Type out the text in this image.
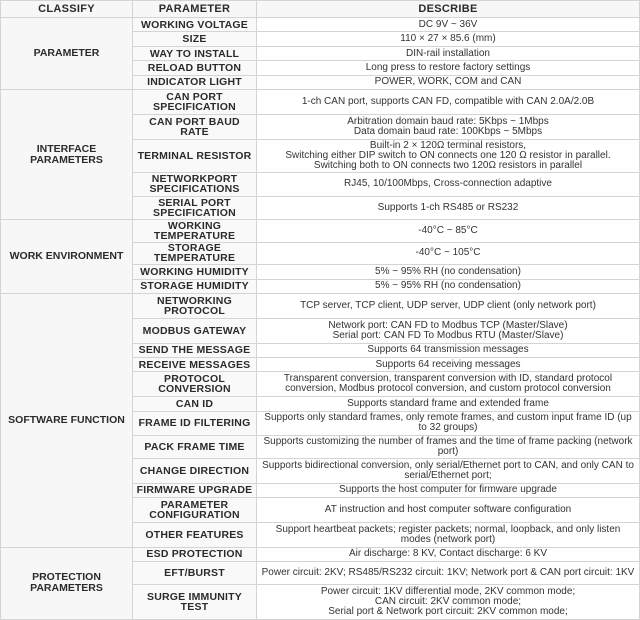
CLASSIFY	PARAMETER	DESCRIBE
PARAMETER	WORKING VOLTAGE	DC 9V ~ 36V
	SIZE	110 × 27 × 85.6 (mm)
	WAY TO INSTALL	DIN-rail installation
	RELOAD BUTTON	Long press to restore factory settings
	INDICATOR LIGHT	POWER, WORK, COM and CAN
INTERFACE PARAMETERS	CAN PORT SPECIFICATION	1-ch CAN port, supports CAN FD, compatible with CAN 2.0A/2.0B
	CAN PORT BAUD RATE	Arbitration domain baud rate: 5Kbps ~ 1Mbps
Data domain baud rate: 100Kbps ~ 5Mbps
	TERMINAL RESISTOR	Built-in 2 × 120Ω terminal resistors,
Switching either DIP switch to ON connects one 120 Ω resistor in parallel.
Switching both to ON connects two 120Ω resistors in parallel
	NETWORKPORT SPECIFICATIONS	RJ45, 10/100Mbps, Cross-connection adaptive
	SERIAL PORT SPECIFICATION	Supports 1-ch RS485 or RS232
WORK ENVIRONMENT	WORKING TEMPERATURE	-40°C ~ 85°C
	STORAGE TEMPERATURE	-40°C ~ 105°C
	WORKING HUMIDITY	5% ~ 95% RH (no condensation)
	STORAGE HUMIDITY	5% ~ 95% RH (no condensation)
SOFTWARE FUNCTION	NETWORKING PROTOCOL	TCP server, TCP client, UDP server, UDP client (only network port)
	MODBUS GATEWAY	Network port: CAN FD to Modbus TCP (Master/Slave)
Serial port: CAN FD To Modbus RTU (Master/Slave)
	SEND THE MESSAGE	Supports 64 transmission messages
	RECEIVE MESSAGES	Supports 64 receiving messages
	PROTOCOL CONVERSION	Transparent conversion, transparent conversion with ID, standard protocol conversion, Modbus protocol conversion, and custom protocol conversion
	CAN ID	Supports standard frame and extended frame
	FRAME ID FILTERING	Supports only standard frames, only remote frames, and custom input frame ID (up to 32 groups)
	PACK FRAME TIME	Supports customizing the number of frames and the time of frame packing (network port)
	CHANGE DIRECTION	Supports bidirectional conversion, only serial/Ethernet port to CAN, and only CAN to serial/Ethernet port;
	FIRMWARE UPGRADE	Supports the host computer for firmware upgrade
	PARAMETER CONFIGURATION	AT instruction and host computer software configuration
	OTHER FEATURES	Support heartbeat packets; register packets; normal, loopback, and only listen modes (network port)
PROTECTION PARAMETERS	ESD PROTECTION	Air discharge: 8 KV, Contact discharge: 6 KV
	EFT/BURST	Power circuit: 2KV; RS485/RS232 circuit: 1KV; Network port & CAN port circuit: 1KV
	SURGE IMMUNITY TEST	Power circuit: 1KV differential mode, 2KV common mode;
CAN circuit: 2KV common mode;
Serial port & Network port circuit: 2KV common mode;
